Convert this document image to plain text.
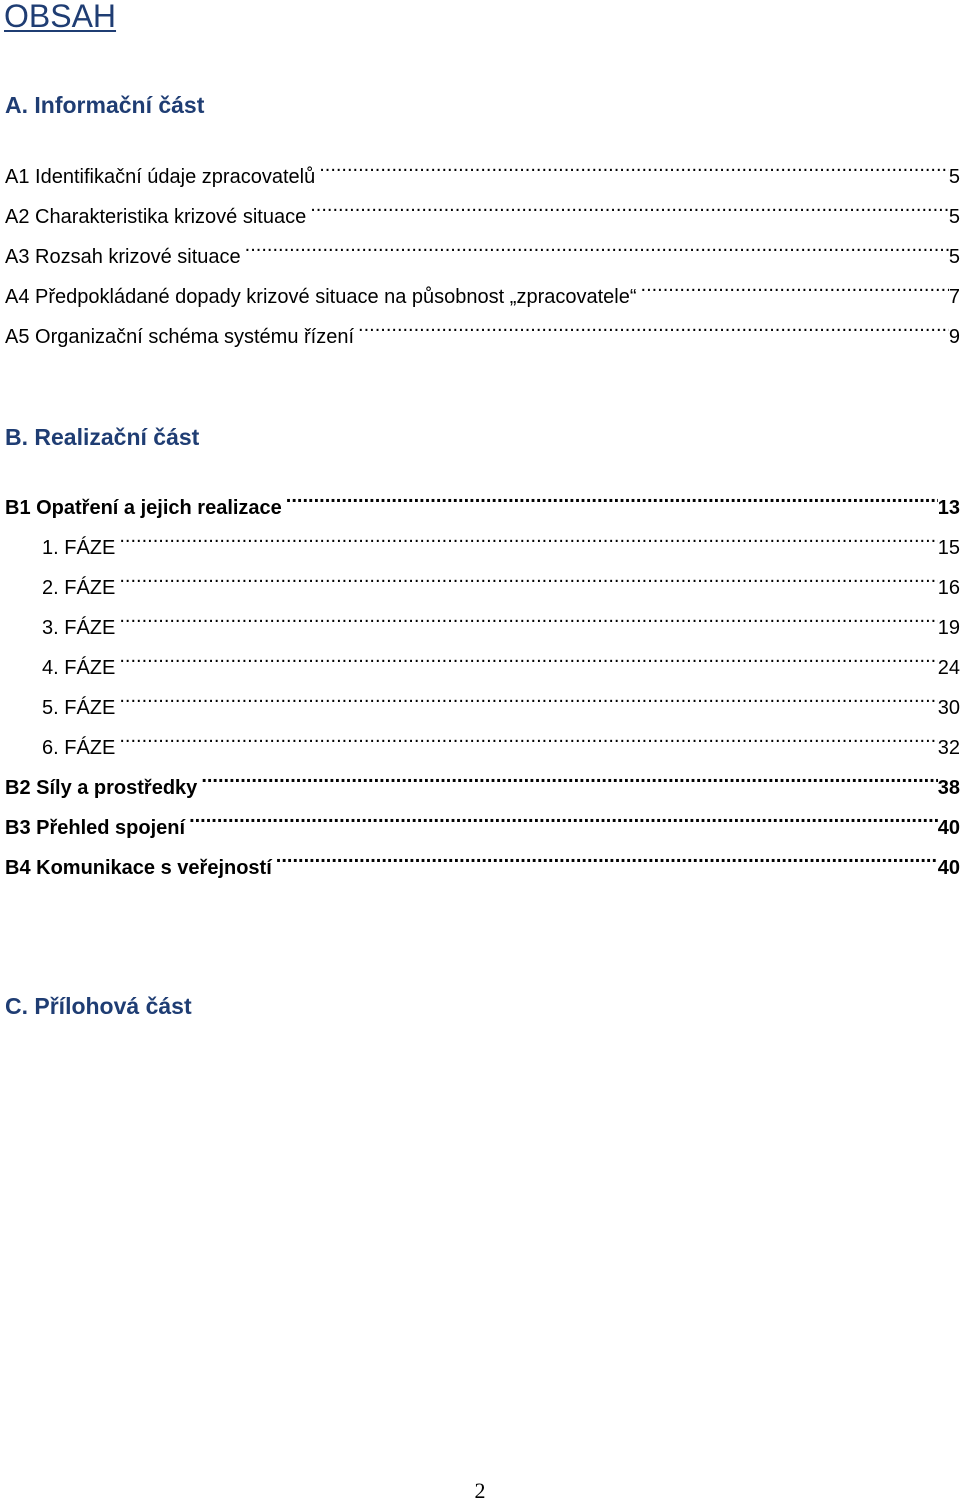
OBSAH
A. Informační část
A1 Identifikační údaje zpracovatelů .....	5
A2 Charakteristika krizové situace .....	5
A3 Rozsah krizové situace .....	5
A4 Předpokládané dopady krizové situace na působnost „zpracovatele“ .....	7
A5 Organizační schéma systému řízení .....	9
B. Realizační část
B1 Opatření a jejich realizace .....	13
1. FÁZE .....	15
2. FÁZE .....	16
3. FÁZE .....	19
4. FÁZE .....	24
5. FÁZE .....	30
6. FÁZE .....	32
B2 Síly a prostředky .....	38
B3 Přehled spojení .....	40
B4 Komunikace s veřejností .....	40
C. Přílohová část
2
